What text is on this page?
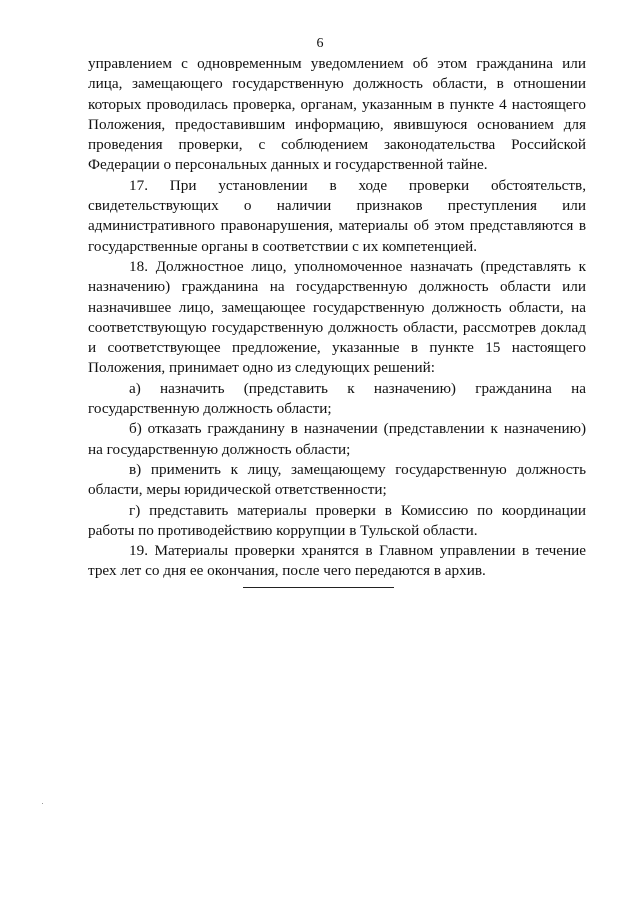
6

управлением с одновременным уведомлением об этом гражданина или лица, замещающего государственную должность области, в отношении которых проводилась проверка, органам, указанным в пункте 4 настоящего Положения, предоставившим информацию, явившуюся основанием для проведения проверки, с соблюдением законодательства Российской Федерации о персональных данных и государственной тайне.

17. При установлении в ходе проверки обстоятельств, свидетельствующих о наличии признаков преступления или административного правонарушения, материалы об этом представляются в государственные органы в соответствии с их компетенцией.

18. Должностное лицо, уполномоченное назначать (представлять к назначению) гражданина на государственную должность области или назначившее лицо, замещающее государственную должность области, на соответствующую государственную должность области, рассмотрев доклад и соответствующее предложение, указанные в пункте 15 настоящего Положения, принимает одно из следующих решений:

а) назначить (представить к назначению) гражданина на государственную должность области;

б) отказать гражданину в назначении (представлении к назначению) на государственную должность области;

в) применить к лицу, замещающему государственную должность области, меры юридической ответственности;

г) представить материалы проверки в Комиссию по координации работы по противодействию коррупции в Тульской области.

19. Материалы проверки хранятся в Главном управлении в течение трех лет со дня ее окончания, после чего передаются в архив.
